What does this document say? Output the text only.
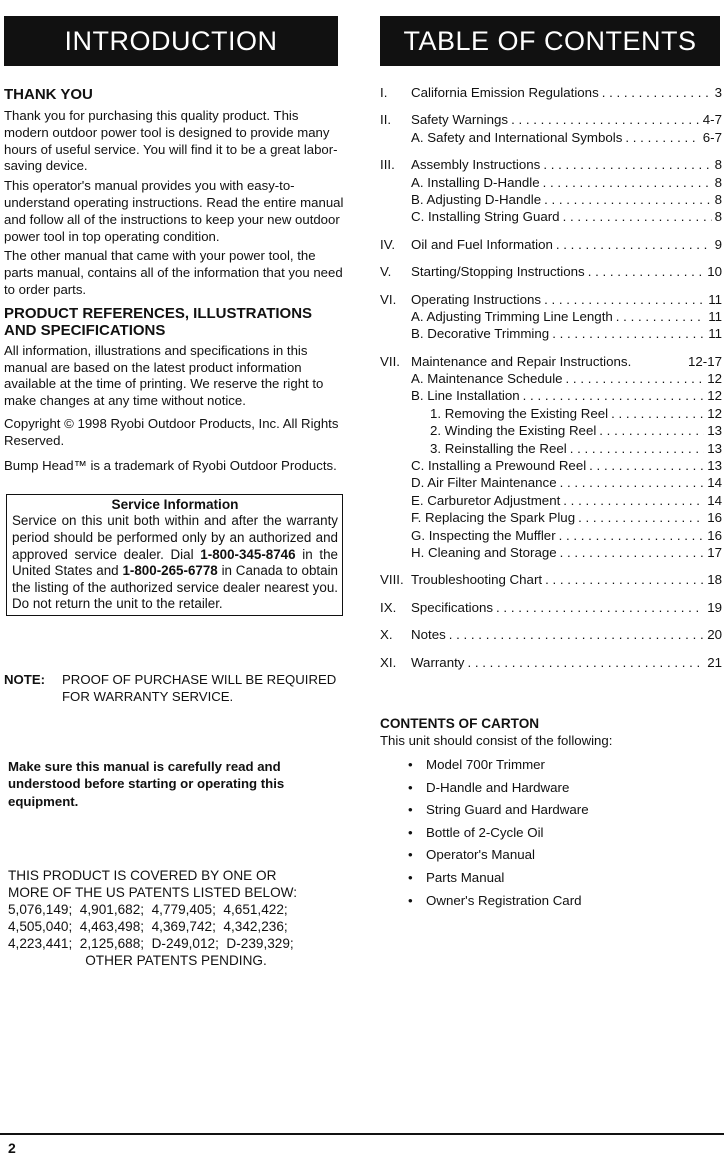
INTRODUCTION
THANK YOU

Thank you for purchasing this quality product. This modern outdoor power tool is designed to provide many hours of useful service. You will find it to be a great labor-saving device.

This operator's manual provides you with easy-to-understand operating instructions. Read the entire manual and follow all of the instructions to keep your new outdoor power tool in top operating condition.

The other manual that came with your power tool, the parts manual, contains all of the information that you need to order parts.

PRODUCT REFERENCES, ILLUSTRATIONS AND SPECIFICATIONS

All information, illustrations and specifications in this manual are based on the latest product information available at the time of printing. We reserve the right to make changes at any time without notice.

Copyright © 1998 Ryobi Outdoor Products, Inc. All Rights Reserved.

Bump Head™ is a trademark of Ryobi Outdoor Products.

Service Information

Service on this unit both within and after the warranty period should be performed only by an authorized and approved service dealer. Dial 1-800-345-8746 in the United States and 1-800-265-6778 in Canada to obtain the listing of the authorized service dealer nearest you. Do not return the unit to the retailer.

NOTE:	PROOF OF PURCHASE WILL BE REQUIRED FOR WARRANTY SERVICE.
Make sure this manual is carefully read and understood before starting or operating this equipment.
THIS PRODUCT IS COVERED BY ONE OR
MORE OF THE US PATENTS LISTED BELOW:
5,076,149;  4,901,682;  4,779,405;  4,651,422;
4,505,040;  4,463,498;  4,369,742;  4,342,236;
4,223,441;  2,125,688;  D-249,012;  D-239,329;
OTHER PATENTS PENDING.
TABLE OF CONTENTS
I.	California Emission Regulations . . .	3
II.	Safety Warnings . . .	4-7
A. Safety and International Symbols . . .	6-7
III.	Assembly Instructions . . .	8
A. Installing D-Handle . . .	8
B. Adjusting D-Handle . . .	8
C. Installing String Guard . . .	8
IV.	Oil and Fuel Information . . .	9
V.	Starting/Stopping Instructions . . .	10
VI.	Operating Instructions . . .	11
A. Adjusting Trimming Line Length . . .	11
B. Decorative Trimming . . .	11
VII. Maintenance and Repair Instructions .	12-17
A. Maintenance Schedule . . .	12
B. Line Installation . . .	12
1. Removing the Existing Reel . . .	12
2. Winding the Existing Reel . . .	13
3. Reinstalling the Reel . . .	13
C. Installing a Prewound Reel . . .	13
D. Air Filter Maintenance . . .	14
E. Carburetor Adjustment . . .	14
F. Replacing the Spark Plug . . .	16
G. Inspecting the Muffler . . .	16
H. Cleaning and Storage . . .	17
VIII. Troubleshooting Chart . . .	18
IX.	Specifications . . .	19
X.	Notes . . .	20
XI.	Warranty . . .	21
CONTENTS OF CARTON

This unit should consist of the following:

• Model 700r Trimmer
• D-Handle and Hardware
• String Guard and Hardware
• Bottle of 2-Cycle Oil
• Operator's Manual
• Parts Manual
• Owner's Registration Card
2
